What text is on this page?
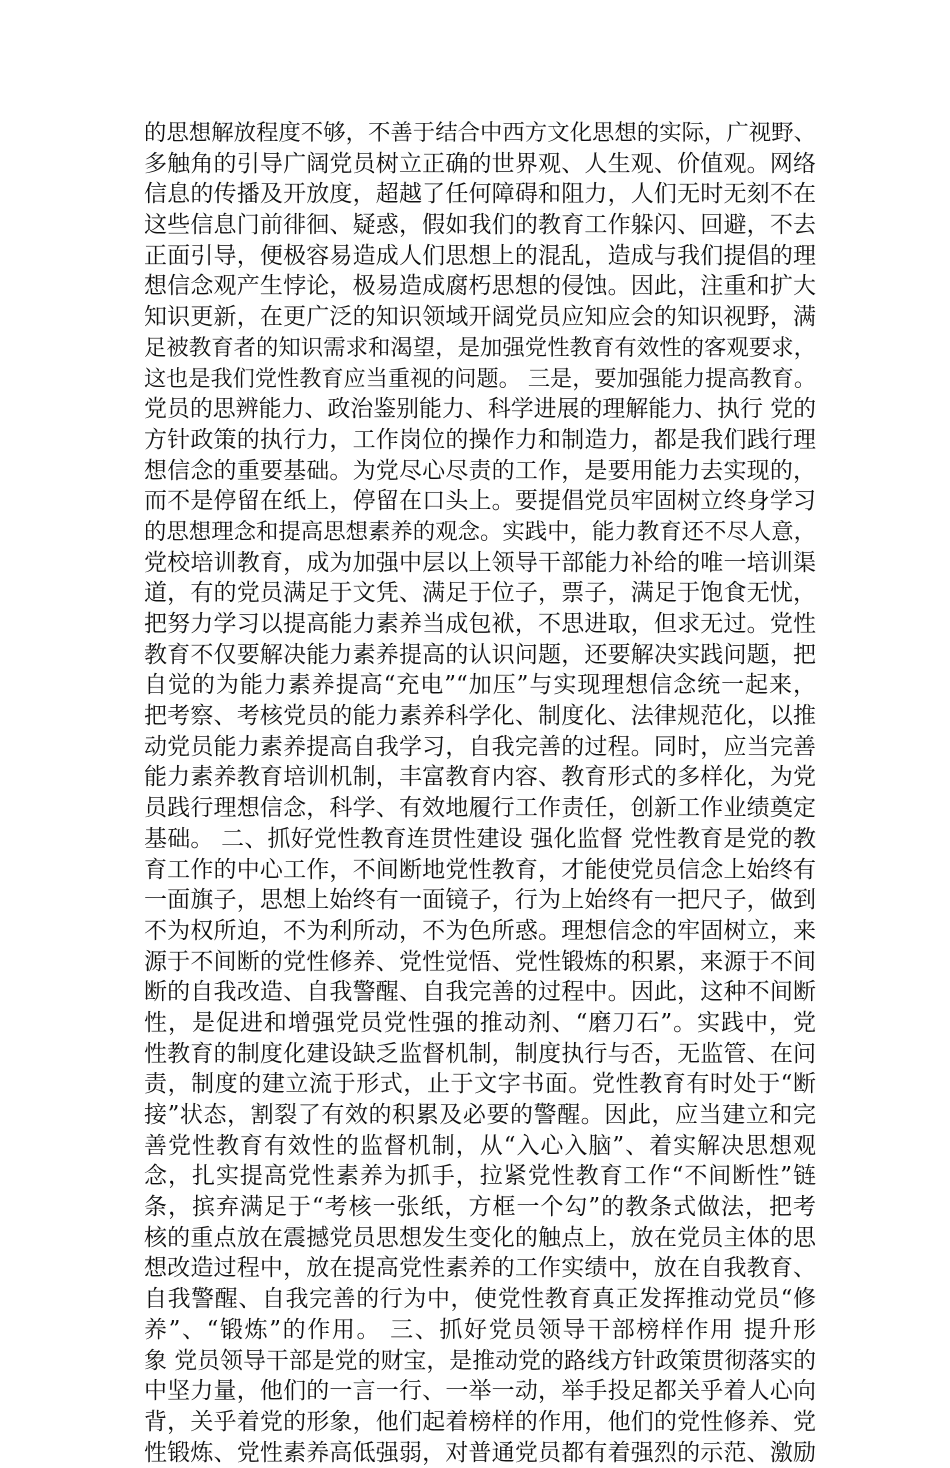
的思想解放程度不够，不善于结合中西方文化思想的实际，广视野、
多触角的引导广阔党员树立正确的世界观、人生观、价值观。网络
信息的传播及开放度，超越了任何障碍和阻力，人们无时无刻不在
这些信息门前徘徊、疑惑，假如我们的教育工作躲闪、回避，不去
正面引导，便极容易造成人们思想上的混乱，造成与我们提倡的理
想信念观产生悖论，极易造成腐朽思想的侵蚀。因此，注重和扩大
知识更新，在更广泛的知识领域开阔党员应知应会的知识视野，满
足被教育者的知识需求和渴望，是加强党性教育有效性的客观要求，
这也是我们党性教育应当重视的问题。 三是，要加强能力提高教育。
党员的思辨能力、政治鉴别能力、科学进展的理解能力、执行 党的
方针政策的执行力，工作岗位的操作力和制造力，都是我们践行理
想信念的重要基础。为党尽心尽责的工作，是要用能力去实现的，
而不是停留在纸上，停留在口头上。要提倡党员牢固树立终身学习
的思想理念和提高思想素养的观念。实践中，能力教育还不尽人意，
党校培训教育，成为加强中层以上领导干部能力补给的唯一培训渠
道，有的党员满足于文凭、满足于位子，票子，满足于饱食无忧，
把努力学习以提高能力素养当成包袱，不思进取，但求无过。党性
教育不仅要解决能力素养提高的认识问题，还要解决实践问题，把
自觉的为能力素养提高“充电”“加压”与实现理想信念统一起来，
把考察、考核党员的能力素养科学化、制度化、法律规范化，以推
动党员能力素养提高自我学习，自我完善的过程。同时，应当完善
能力素养教育培训机制，丰富教育内容、教育形式的多样化，为党
员践行理想信念，科学、有效地履行工作责任，创新工作业绩奠定
基础。 二、抓好党性教育连贯性建设 强化监督 党性教育是党的教
育工作的中心工作，不间断地党性教育，才能使党员信念上始终有
一面旗子，思想上始终有一面镜子，行为上始终有一把尺子，做到
不为权所迫，不为利所动，不为色所惑。理想信念的牢固树立，来
源于不间断的党性修养、党性觉悟、党性锻炼的积累，来源于不间
断的自我改造、自我警醒、自我完善的过程中。因此，这种不间断
性，是促进和增强党员党性强的推动剂、“磨刀石”。实践中，党
性教育的制度化建设缺乏监督机制，制度执行与否，无监管、在问
责，制度的建立流于形式，止于文字书面。党性教育有时处于“断
接”状态，割裂了有效的积累及必要的警醒。因此，应当建立和完
善党性教育有效性的监督机制，从“入心入脑”、着实解决思想观
念，扎实提高党性素养为抓手，拉紧党性教育工作“不间断性”链
条，摈弃满足于“考核一张纸，方框一个勾”的教条式做法，把考
核的重点放在震撼党员思想发生变化的触点上，放在党员主体的思
想改造过程中，放在提高党性素养的工作实绩中，放在自我教育、
自我警醒、自我完善的行为中，使党性教育真正发挥推动党员“修
养”、“锻炼”的作用。 三、抓好党员领导干部榜样作用 提升形
象 党员领导干部是党的财宝，是推动党的路线方针政策贯彻落实的
中坚力量，他们的一言一行、一举一动，举手投足都关乎着人心向
背，关乎着党的形象，他们起着榜样的作用，他们的党性修养、党
性锻炼、党性素养高低强弱，对普通党员都有着强烈的示范、激励
